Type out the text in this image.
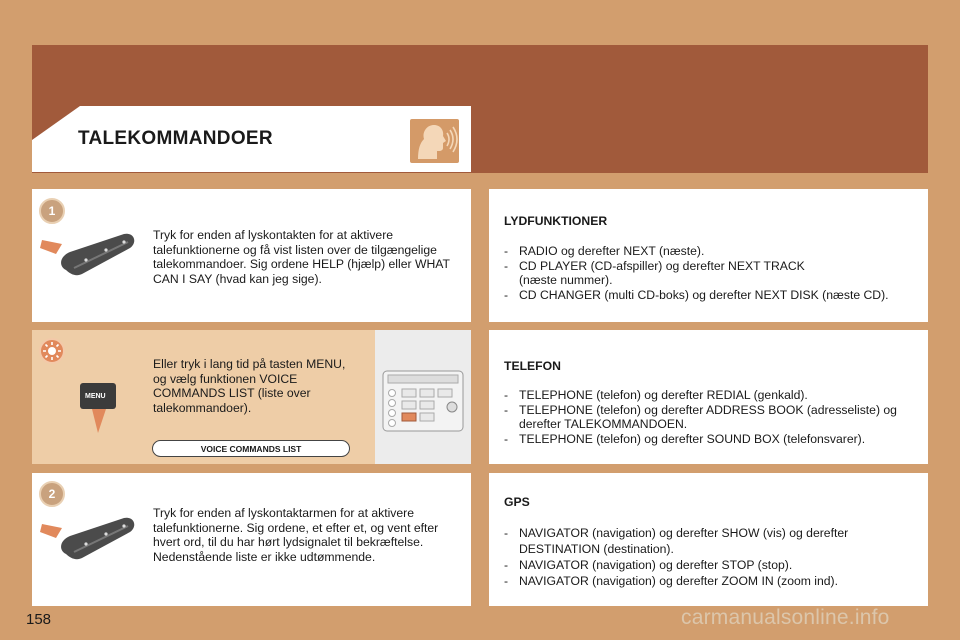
TALEKOMMANDOER
1
Tryk for enden af lyskontakten for at aktivere talefunktionerne og få vist listen over de tilgængelige talekommandoer. Sig ordene HELP (hjælp) eller WHAT CAN I SAY (hvad kan jeg sige).
MENU
Eller tryk i lang tid på tasten MENU, og vælg funktionen VOICE COMMANDS LIST (liste over talekommandoer).
VOICE COMMANDS LIST
2
Tryk for enden af lyskontaktarmen for at aktivere talefunktionerne. Sig ordene, et efter et, og vent efter hvert ord, til du har hørt lydsignalet til bekræftelse. Nedenstående liste er ikke udtømmende.
LYDFUNKTIONER
- RADIO og derefter NEXT (næste).
- CD PLAYER (CD-afspiller) og derefter NEXT TRACK (næste nummer).
- CD CHANGER (multi CD-boks) og derefter NEXT DISK (næste CD).
TELEFON
- TELEPHONE (telefon) og derefter REDIAL (genkald).
- TELEPHONE (telefon) og derefter ADDRESS BOOK (adresseliste) og derefter TALEKOMMANDOEN.
- TELEPHONE (telefon) og derefter SOUND BOX (telefonsvarer).
GPS
- NAVIGATOR (navigation) og derefter SHOW (vis) og derefter DESTINATION (destination).
- NAVIGATOR (navigation) og derefter STOP (stop).
- NAVIGATOR (navigation) og derefter ZOOM IN (zoom ind).
158	carmanualsonline.info
